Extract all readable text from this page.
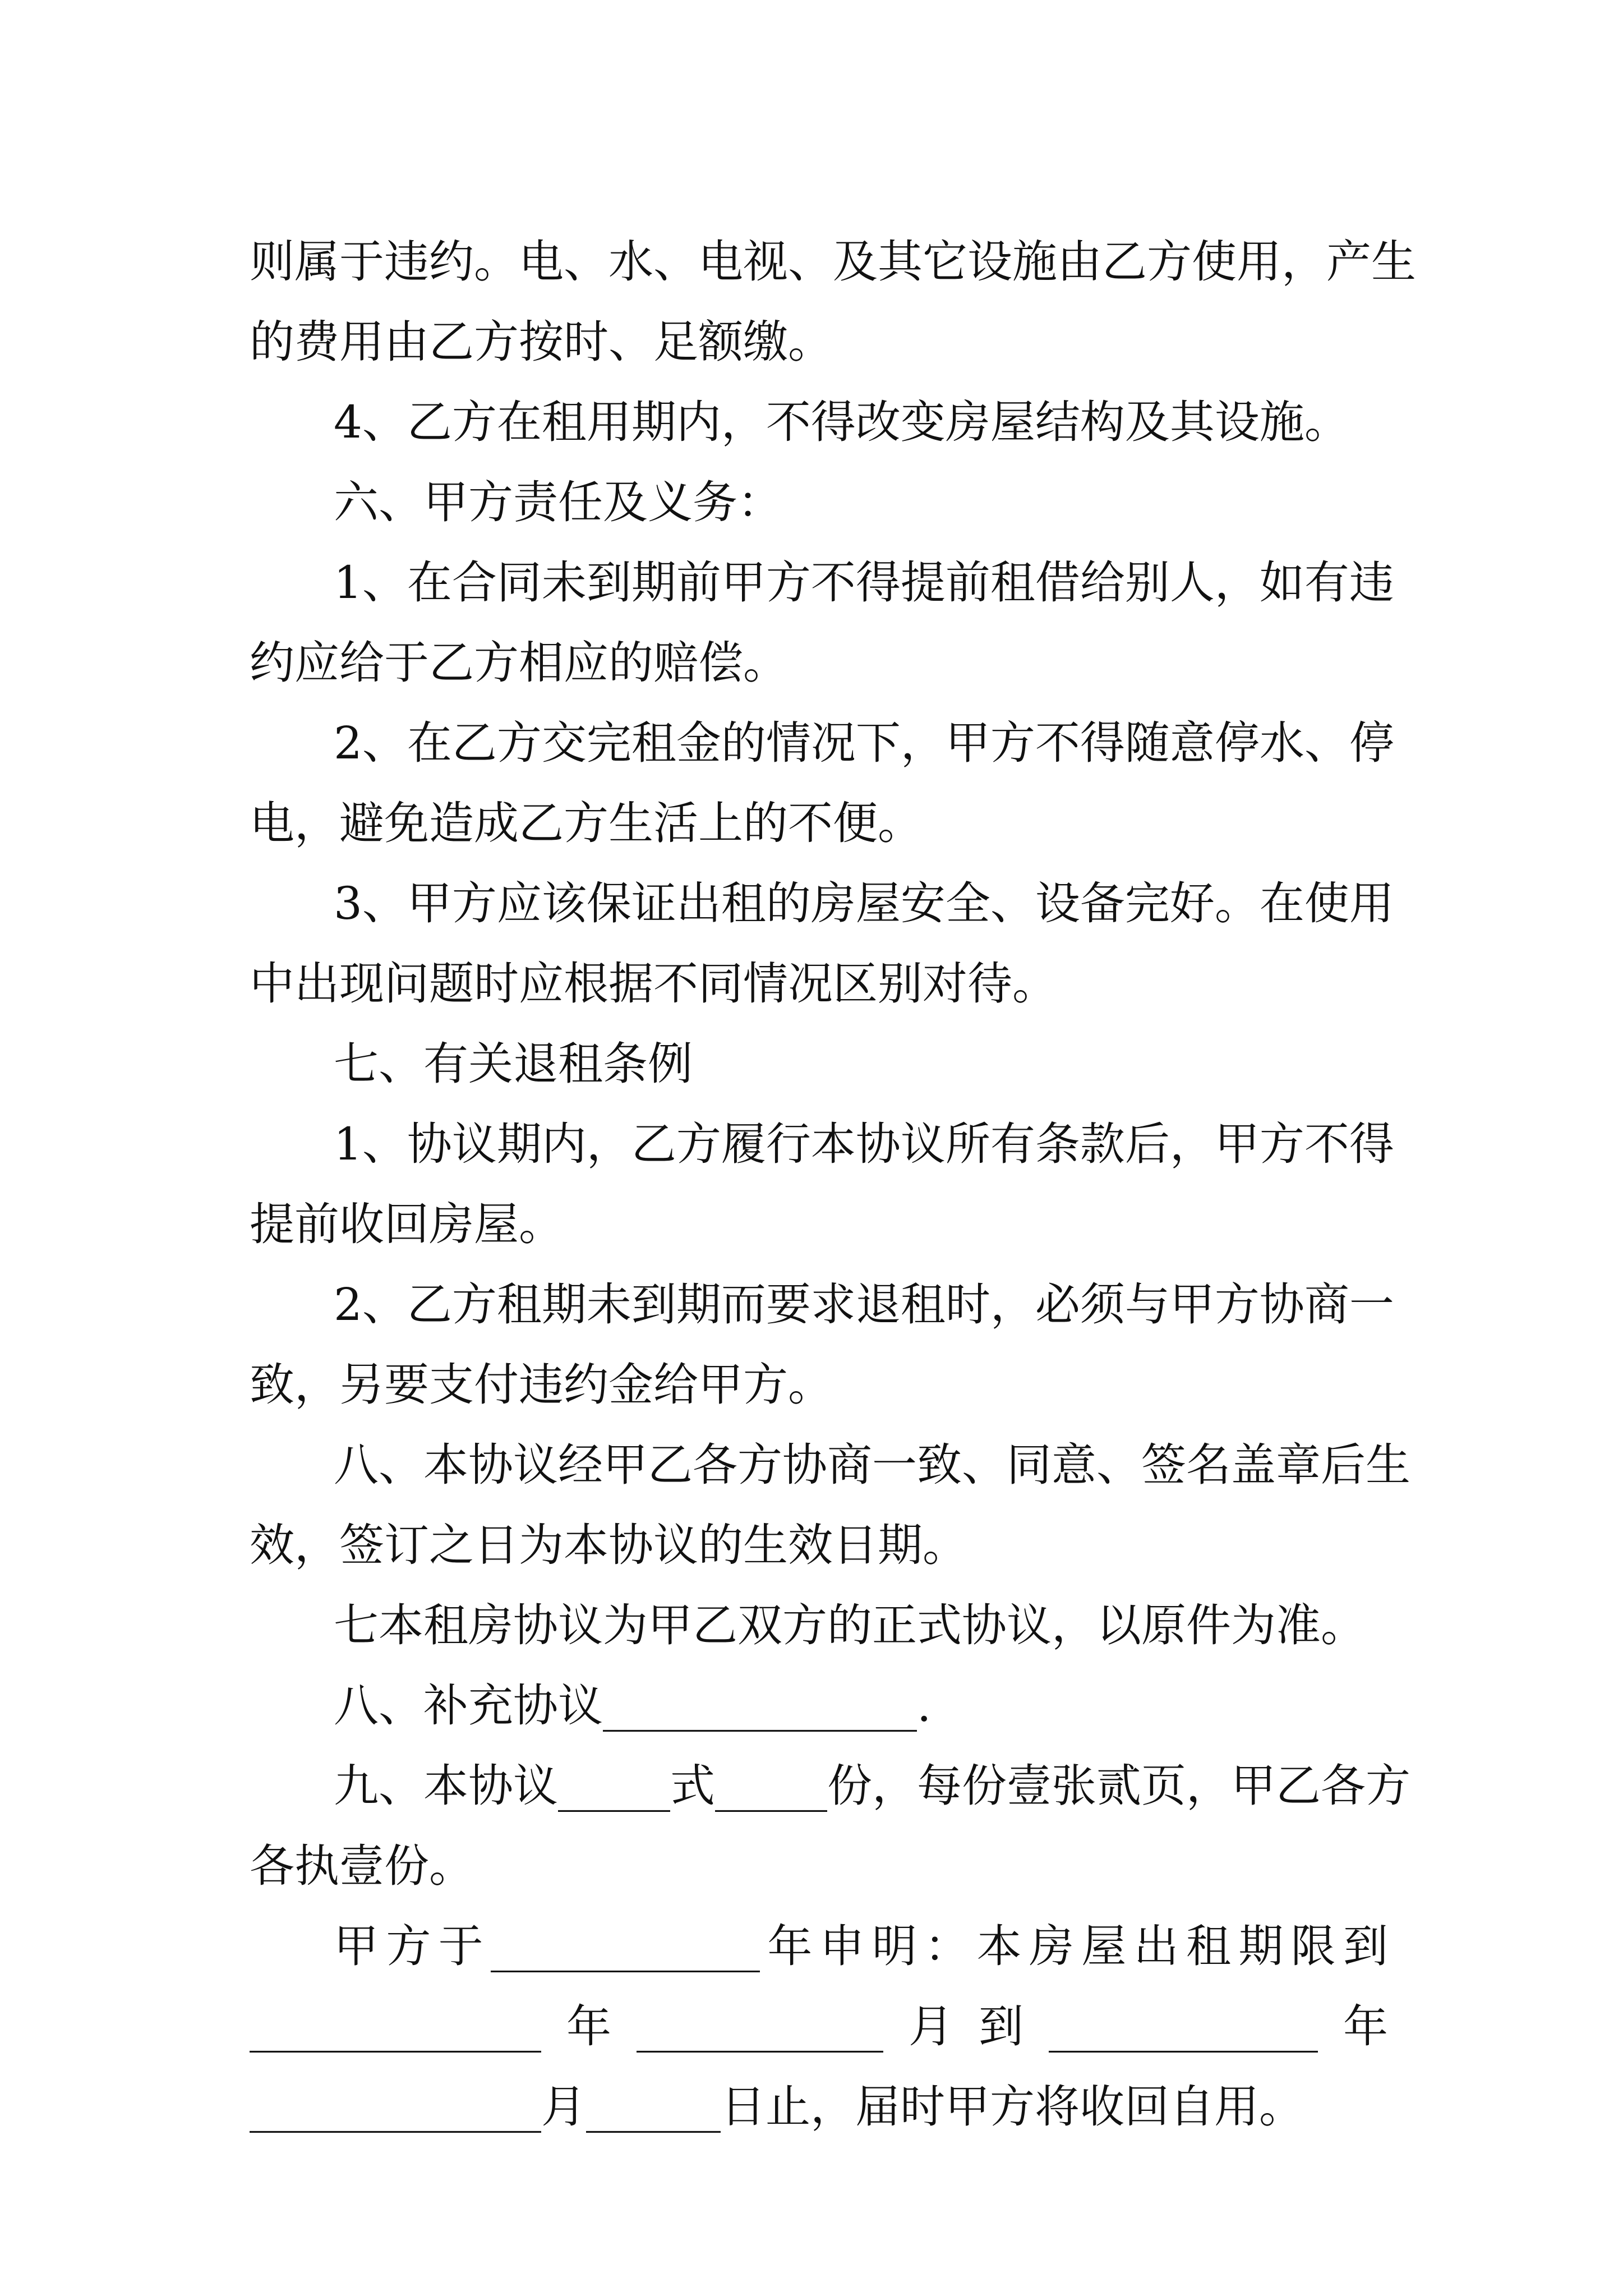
则属于违约。电、水、电视、及其它设施由乙方使用，产生
的费用由乙方按时、足额缴。
4、乙方在租用期内，不得改变房屋结构及其设施。
六、甲方责任及义务：
1、在合同未到期前甲方不得提前租借给别人，如有违
约应给于乙方相应的赔偿。
2、在乙方交完租金的情况下，甲方不得随意停水、停
电，避免造成乙方生活上的不便。
3、甲方应该保证出租的房屋安全、设备完好。在使用
中出现问题时应根据不同情况区别对待。
七、有关退租条例
1、协议期内，乙方履行本协议所有条款后，甲方不得
提前收回房屋。
2、乙方租期未到期而要求退租时，必须与甲方协商一
致，另要支付违约金给甲方。
八、本协议经甲乙各方协商一致、同意、签名盖章后生
效，签订之日为本协议的生效日期。
七本租房协议为甲乙双方的正式协议，以原件为准。
八、补充协议______________.
九、本协议_____式_____份，每份壹张贰页，甲乙各方
各执壹份。
甲方于____________年申明：本房屋出租期限到
_____________年___________月到____________年
_____________月______日止，届时甲方将收回自用。
